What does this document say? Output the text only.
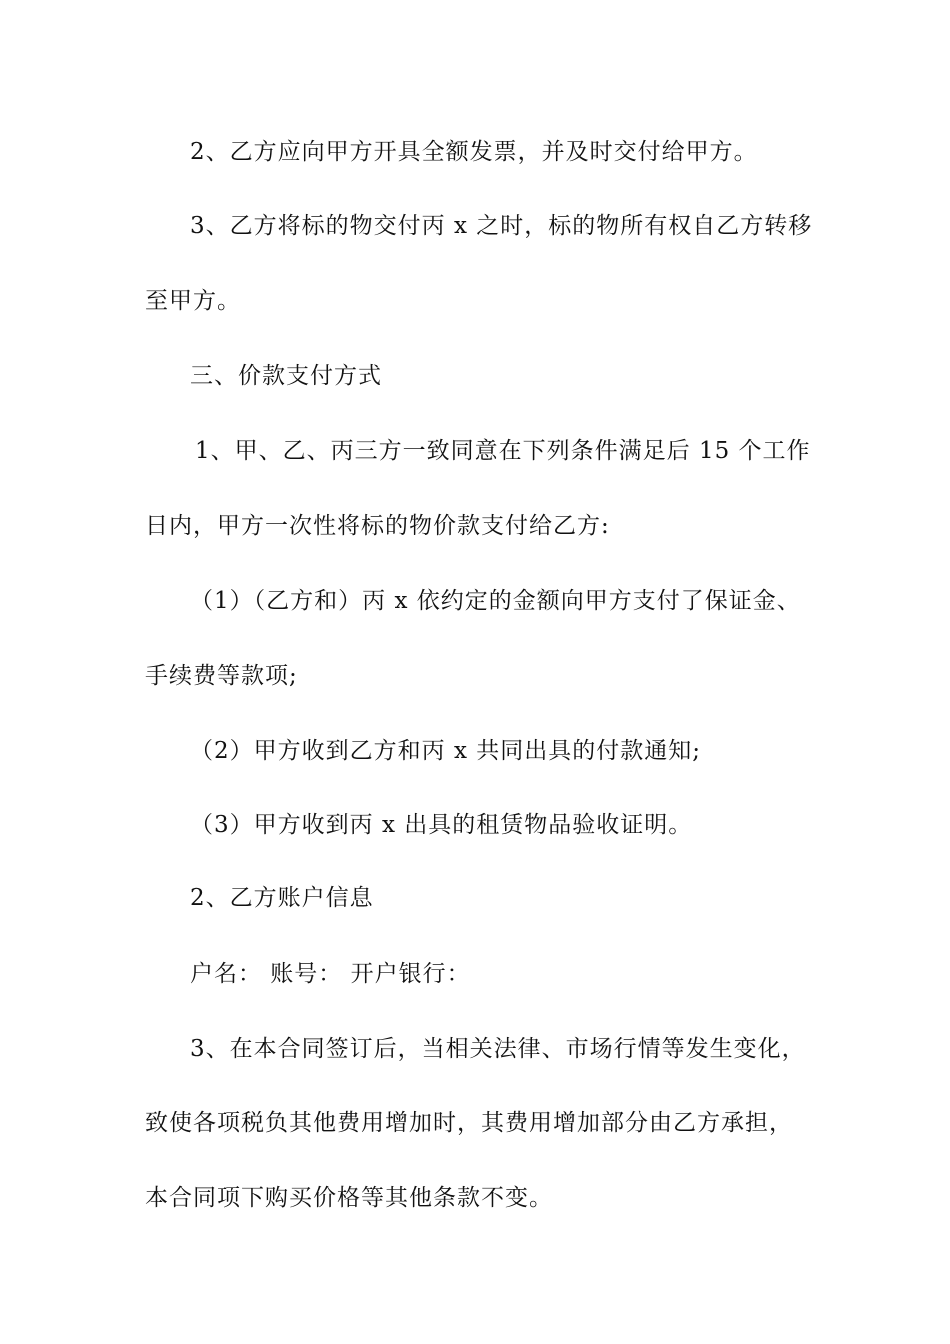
2、乙方应向甲方开具全额发票，并及时交付给甲方。
3、乙方将标的物交付丙 x 之时，标的物所有权自乙方转移
至甲方。
三、价款支付方式
1、甲、乙、丙三方一致同意在下列条件满足后 15 个工作
日内，甲方一次性将标的物价款支付给乙方:
（1）（乙方和）丙 x 依约定的金额向甲方支付了保证金、
手续费等款项;
（2）甲方收到乙方和丙 x 共同出具的付款通知;
（3）甲方收到丙 x 出具的租赁物品验收证明。
2、乙方账户信息
户名： 账号： 开户银行：
3、在本合同签订后，当相关法律、市场行情等发生变化，
致使各项税负其他费用增加时，其费用增加部分由乙方承担，
本合同项下购买价格等其他条款不变。
